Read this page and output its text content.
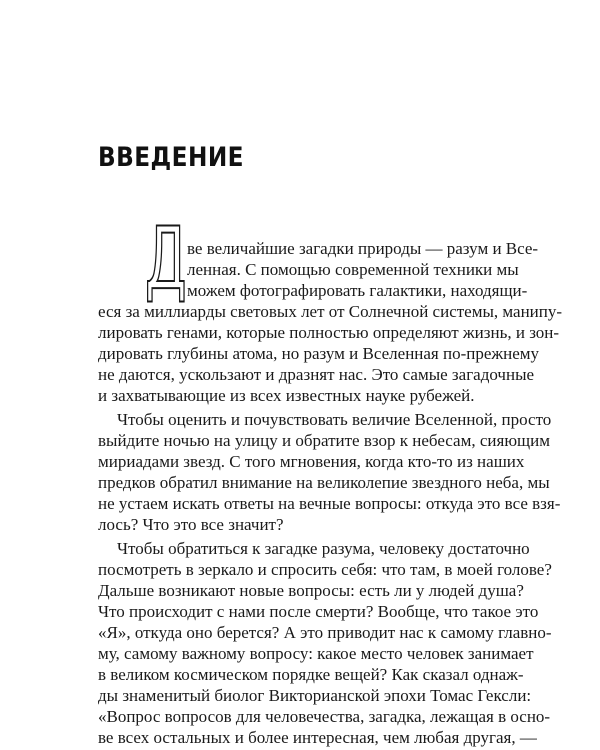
ВВЕДЕНИЕ
Д ве величайшие загадки природы — разум и Все-

ленная. С помощью современной техники мы

можем фотографировать галактики, находящи-

еся за миллиарды световых лет от Солнечной системы, манипу-

лировать генами, которые полностью определяют жизнь, и зон-

дировать глубины атома, но разум и Вселенная по-прежнему

не даются, ускользают и дразнят нас. Это самые загадочные

и захватывающие из всех известных науке рубежей.

Чтобы оценить и почувствовать величие Вселенной, просто

выйдите ночью на улицу и обратите взор к небесам, сияющим

мириадами звезд. С того мгновения, когда кто-то из наших

предков обратил внимание на великолепие звездного неба, мы

не устаем искать ответы на вечные вопросы: откуда это все взя-

лось? Что это все значит?

Чтобы обратиться к загадке разума, человеку достаточно

посмотреть в зеркало и спросить себя: что там, в моей голове?

Дальше возникают новые вопросы: есть ли у людей душа?

Что происходит с нами после смерти? Вообще, что такое это

«Я», откуда оно берется? А это приводит нас к самому главно-

му, самому важному вопросу: какое место человек занимает

в великом космическом порядке вещей? Как сказал однаж-

ды знаменитый биолог Викторианской эпохи Томас Гексли:

«Вопрос вопросов для человечества, загадка, лежащая в осно-

ве всех остальных и более интересная, чем любая другая, —
